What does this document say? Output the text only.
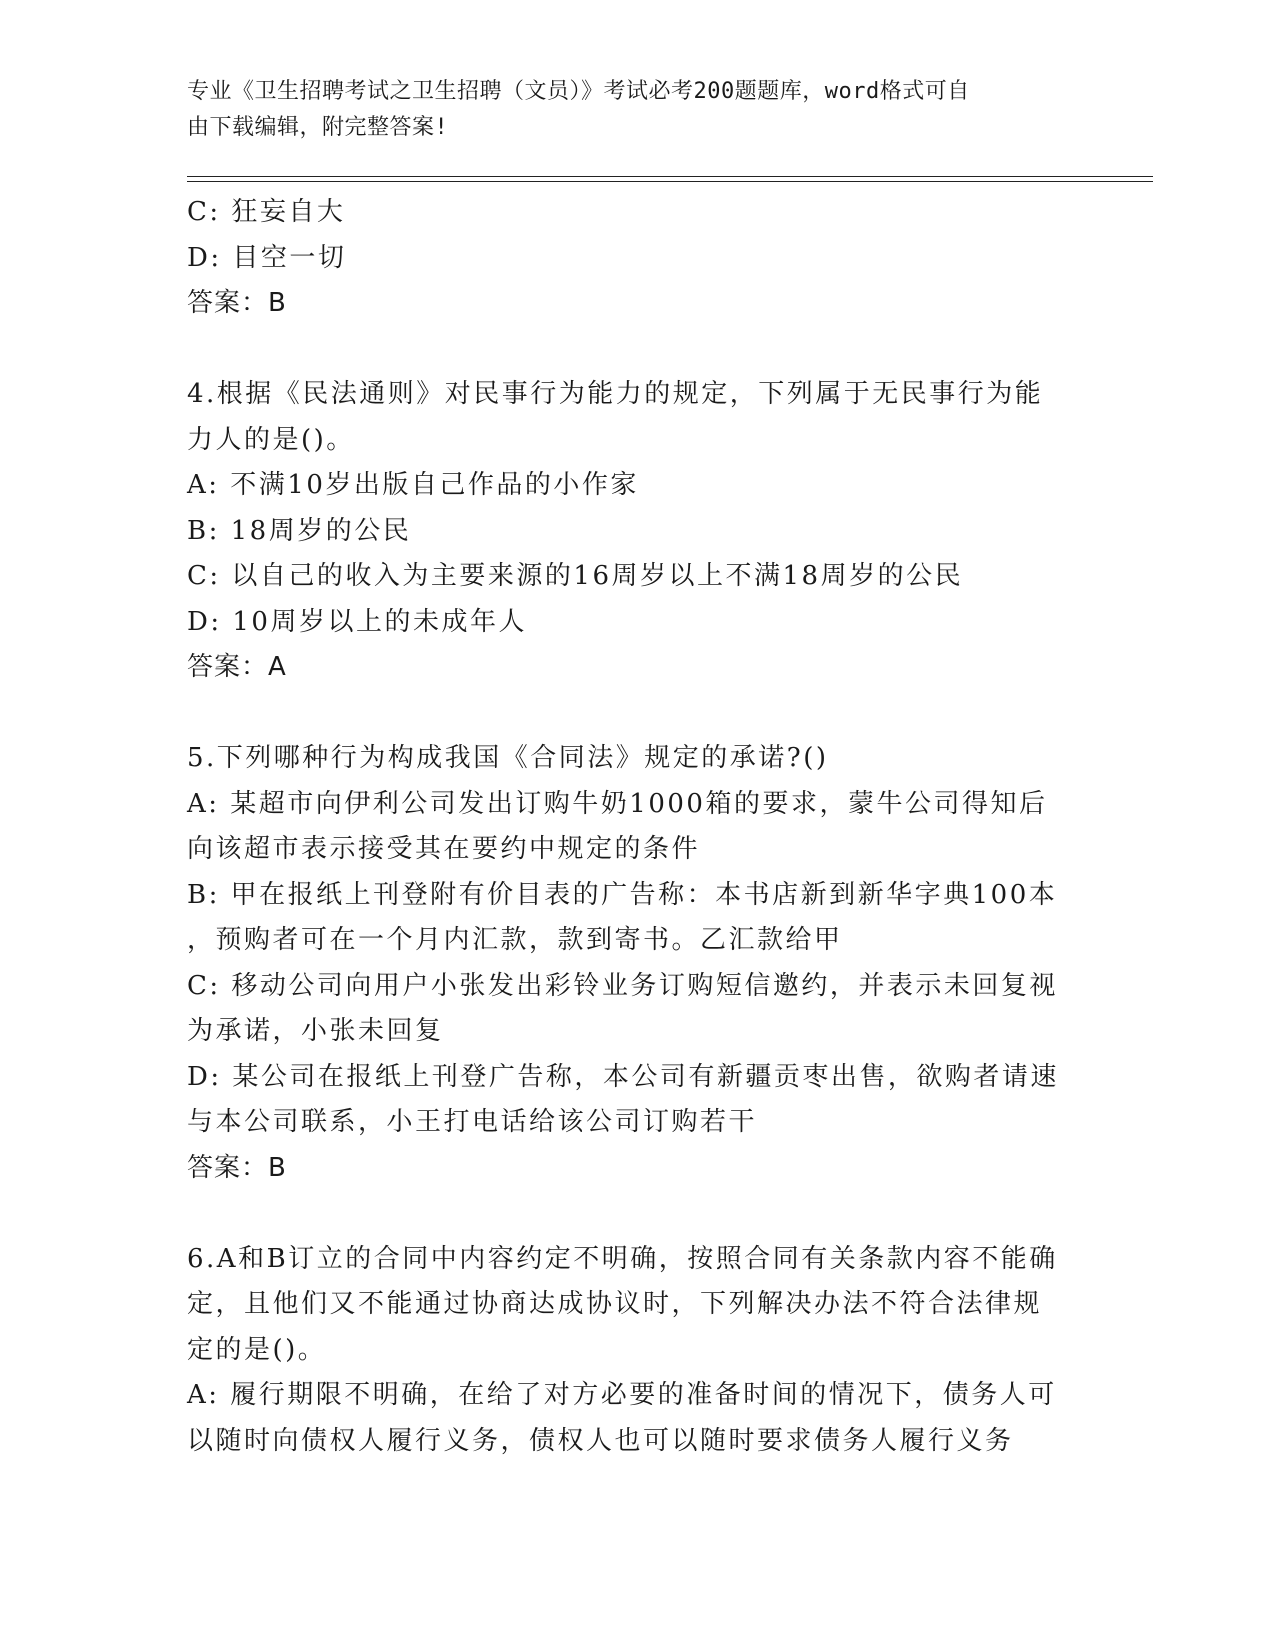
专业《卫生招聘考试之卫生招聘（文员）》考试必考200题题库，word格式可自
由下载编辑，附完整答案!
C: 狂妄自大
D: 目空一切
答案：B
4.根据《民法通则》对民事行为能力的规定，下列属于无民事行为能
力人的是()。
A: 不满10岁出版自己作品的小作家
B: 18周岁的公民
C: 以自己的收入为主要来源的16周岁以上不满18周岁的公民
D: 10周岁以上的未成年人
答案：A
5.下列哪种行为构成我国《合同法》规定的承诺?()
A: 某超市向伊利公司发出订购牛奶1000箱的要求，蒙牛公司得知后
向该超市表示接受其在要约中规定的条件
B: 甲在报纸上刊登附有价目表的广告称：本书店新到新华字典100本
，预购者可在一个月内汇款，款到寄书。乙汇款给甲
C: 移动公司向用户小张发出彩铃业务订购短信邀约，并表示未回复视
为承诺，小张未回复
D: 某公司在报纸上刊登广告称，本公司有新疆贡枣出售，欲购者请速
与本公司联系，小王打电话给该公司订购若干
答案：B
6.A和B订立的合同中内容约定不明确，按照合同有关条款内容不能确
定，且他们又不能通过协商达成协议时，下列解决办法不符合法律规
定的是()。
A: 履行期限不明确，在给了对方必要的准备时间的情况下，债务人可
以随时向债权人履行义务，债权人也可以随时要求债务人履行义务
